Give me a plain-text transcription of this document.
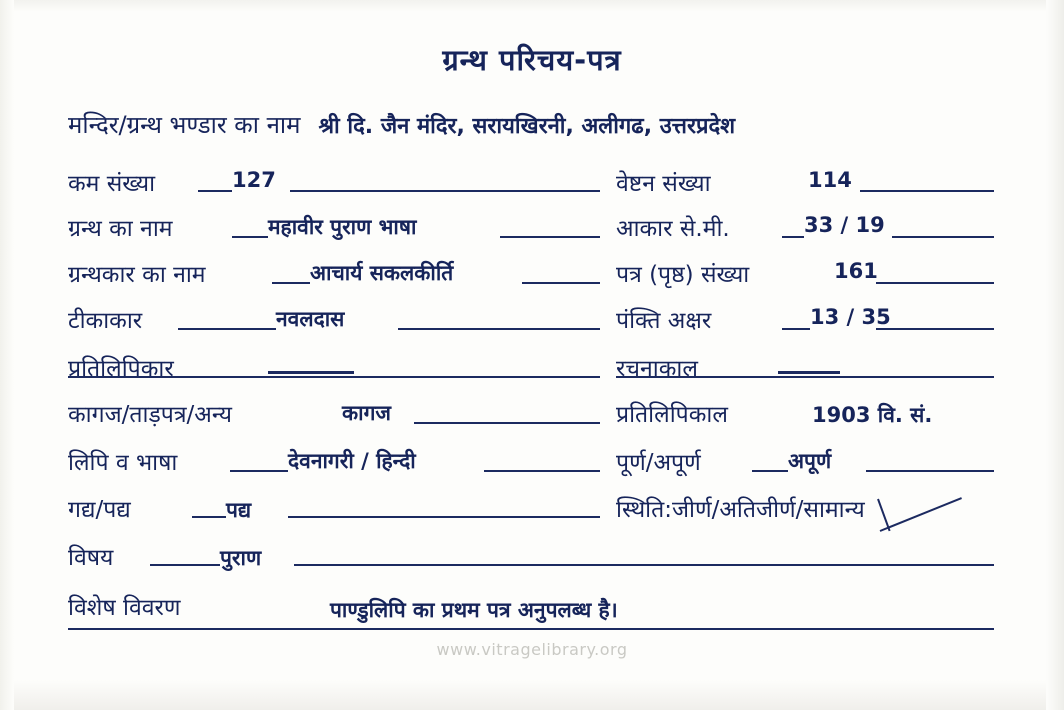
ग्रन्थ परिचय-पत्र
मन्दिर/ग्रन्थ भण्डार का नाम श्री दि. जैन मंदिर, सरायखिरनी, अलीगढ, उत्तरप्रदेश
कम संख्या	127
ग्रन्थ का नाम	महावीर पुराण भाषा
ग्रन्थकार का नाम	आचार्य सकलकीर्ति
टीकाकार	नवलदास
प्रतिलिपिकार
कागज/ताड़पत्र/अन्य	कागज
लिपि व भाषा	देवनागरी / हिन्दी
गद्य/पद्य	पद्य
विषय	पुराण
वेष्टन संख्या	114
आकार से.मी.	33 / 19
पत्र (पृष्ठ) संख्या	161
पंक्ति अक्षर	13 / 35
रचनाकाल
प्रतिलिपिकाल	1903 वि. सं.
पूर्ण/अपूर्ण	अपूर्ण
स्थिति:जीर्ण/अतिजीर्ण/सामान्य
विशेष विवरण	पाण्डुलिपि का प्रथम पत्र अनुपलब्ध है।
www.vitragelibrary.org
